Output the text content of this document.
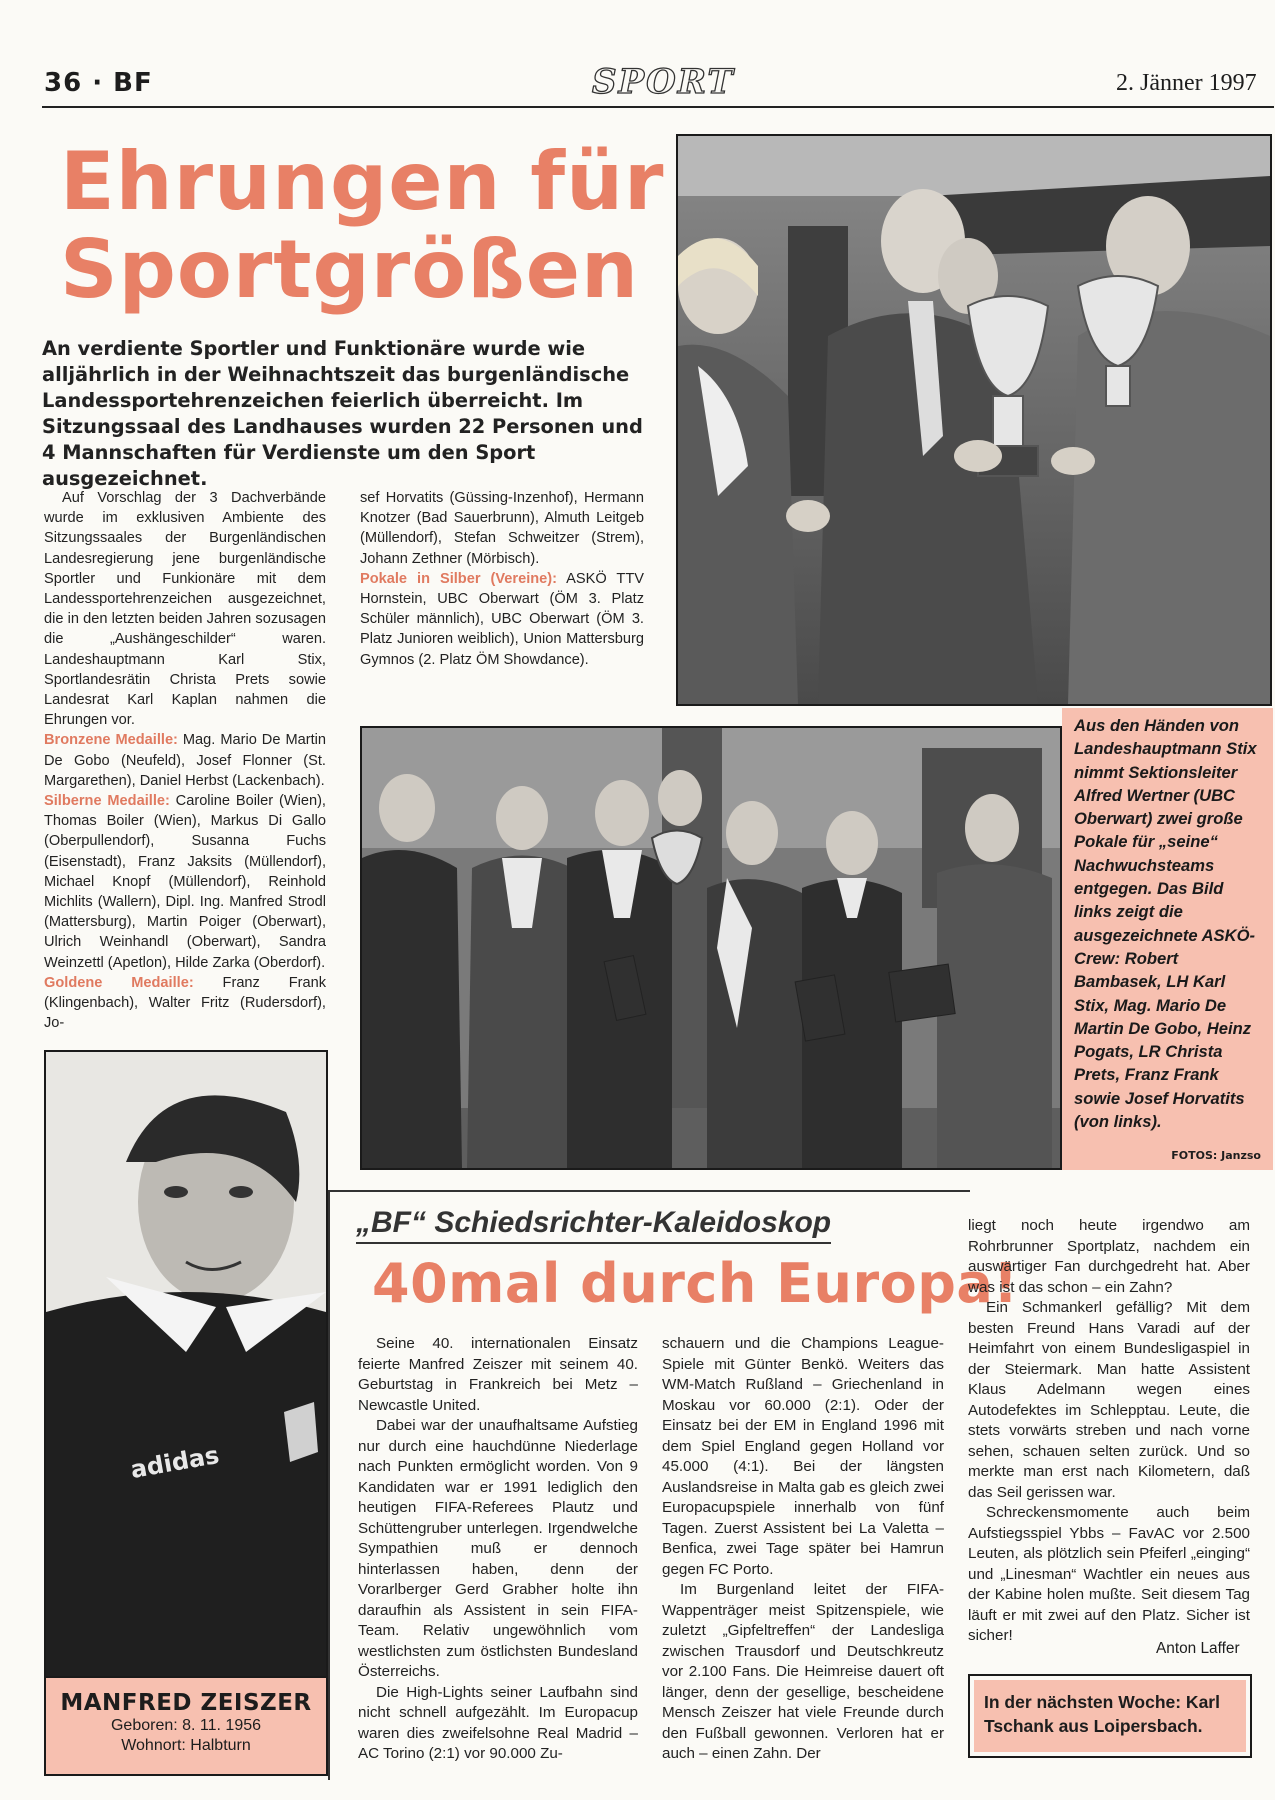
36 · BF	SPORT	2. Jänner 1997
Ehrungen für Sportgrößen
An verdiente Sportler und Funktionäre wurde wie alljährlich in der Weihnachtszeit das burgenländische Landessportehrenzeichen feierlich überreicht. Im Sitzungssaal des Landhauses wurden 22 Personen und 4 Mannschaften für Verdienste um den Sport ausgezeichnet.
Auf Vorschlag der 3 Dachverbände wurde im exklusiven Ambiente des Sitzungssaales der Burgenländischen Landesregierung jene burgenländische Sportler und Funkionäre mit dem Landessportehrenzeichen ausgezeichnet, die in den letzten beiden Jahren sozusagen die „Aushängeschilder“ waren. Landeshauptmann Karl Stix, Sportlandesrätin Christa Prets sowie Landesrat Karl Kaplan nahmen die Ehrungen vor.
Bronzene Medaille: Mag. Mario De Martin De Gobo (Neufeld), Josef Flonner (St. Margarethen), Daniel Herbst (Lackenbach).
Silberne Medaille: Caroline Boiler (Wien), Thomas Boiler (Wien), Markus Di Gallo (Oberpullendorf), Susanna Fuchs (Eisenstadt), Franz Jaksits (Müllendorf), Michael Knopf (Müllendorf), Reinhold Michlits (Wallern), Dipl. Ing. Manfred Strodl (Mattersburg), Martin Poiger (Oberwart), Ulrich Weinhandl (Oberwart), Sandra Weinzettl (Apetlon), Hilde Zarka (Oberdorf).
Goldene Medaille: Franz Frank (Klingenbach), Walter Fritz (Rudersdorf), Jo-
sef Horvatits (Güssing-Inzenhof), Hermann Knotzer (Bad Sauerbrunn), Almuth Leitgeb (Müllendorf), Stefan Schweitzer (Strem), Johann Zethner (Mörbisch).
Pokale in Silber (Vereine): ASKÖ TTV Hornstein, UBC Oberwart (ÖM 3. Platz Schüler männlich), UBC Oberwart (ÖM 3. Platz Junioren weiblich), Union Mattersburg Gymnos (2. Platz ÖM Showdance).
Aus den Händen von Landeshauptmann Stix nimmt Sektionsleiter Alfred Wertner (UBC Oberwart) zwei große Pokale für „seine“ Nachwuchsteams entgegen. Das Bild links zeigt die ausgezeichnete ASKÖ-Crew: Robert Bambasek, LH Karl Stix, Mag. Mario De Martin De Gobo, Heinz Pogats, LR Christa Prets, Franz Frank sowie Josef Horvatits (von links).
FOTOS: Janzso
adidas
MANFRED ZEISZER
Geboren: 8. 11. 1956
Wohnort: Halbturn
„BF“ Schiedsrichter-Kaleidoskop
40mal durch Europa!

Seine 40. internationalen Einsatz feierte Manfred Zeiszer mit seinem 40. Geburtstag in Frankreich bei Metz – Newcastle United.

Dabei war der unaufhaltsame Aufstieg nur durch eine hauchdünne Niederlage nach Punkten ermöglicht worden. Von 9 Kandidaten war er 1991 lediglich den heutigen FIFA-Referees Plautz und Schüttengruber unterlegen. Irgendwelche Sympathien muß er dennoch hinterlassen haben, denn der Vorarlberger Gerd Grabher holte ihn daraufhin als Assistent in sein FIFA-Team. Relativ ungewöhnlich vom westlichsten zum östlichsten Bundesland Österreichs.

Die High-Lights seiner Laufbahn sind nicht schnell aufgezählt. Im Europacup waren dies zweifelsohne Real Madrid – AC Torino (2:1) vor 90.000 Zu-

schauern und die Champions League-Spiele mit Günter Benkö. Weiters das WM-Match Rußland – Griechenland in Moskau vor 60.000 (2:1). Oder der Einsatz bei der EM in England 1996 mit dem Spiel England gegen Holland vor 45.000 (4:1). Bei der längsten Auslandsreise in Malta gab es gleich zwei Europacupspiele innerhalb von fünf Tagen. Zuerst Assistent bei La Valetta – Benfica, zwei Tage später bei Hamrun gegen FC Porto.

Im Burgenland leitet der FIFA-Wappenträger meist Spitzenspiele, wie zuletzt „Gipfeltreffen“ der Landesliga zwischen Trausdorf und Deutschkreutz vor 2.100 Fans. Die Heimreise dauert oft länger, denn der gesellige, bescheidene Mensch Zeiszer hat viele Freunde durch den Fußball gewonnen. Verloren hat er auch – einen Zahn. Der

liegt noch heute irgendwo am Rohrbrunner Sportplatz, nachdem ein auswärtiger Fan durchgedreht hat. Aber was ist das schon – ein Zahn?

Ein Schmankerl gefällig? Mit dem besten Freund Hans Varadi auf der Heimfahrt von einem Bundesligaspiel in der Steiermark. Man hatte Assistent Klaus Adelmann wegen eines Autodefektes im Schlepptau. Leute, die stets vorwärts streben und nach vorne sehen, schauen selten zurück. Und so merkte man erst nach Kilometern, daß das Seil gerissen war.

Schreckensmomente auch beim Aufstiegsspiel Ybbs – FavAC vor 2.500 Leuten, als plötzlich sein Pfeiferl „einging“ und „Linesman“ Wachtler ein neues aus der Kabine holen mußte. Seit diesem Tag läuft er mit zwei auf den Platz. Sicher ist sicher!

Anton Laffer
In der nächsten Woche: Karl Tschank aus Loipersbach.
